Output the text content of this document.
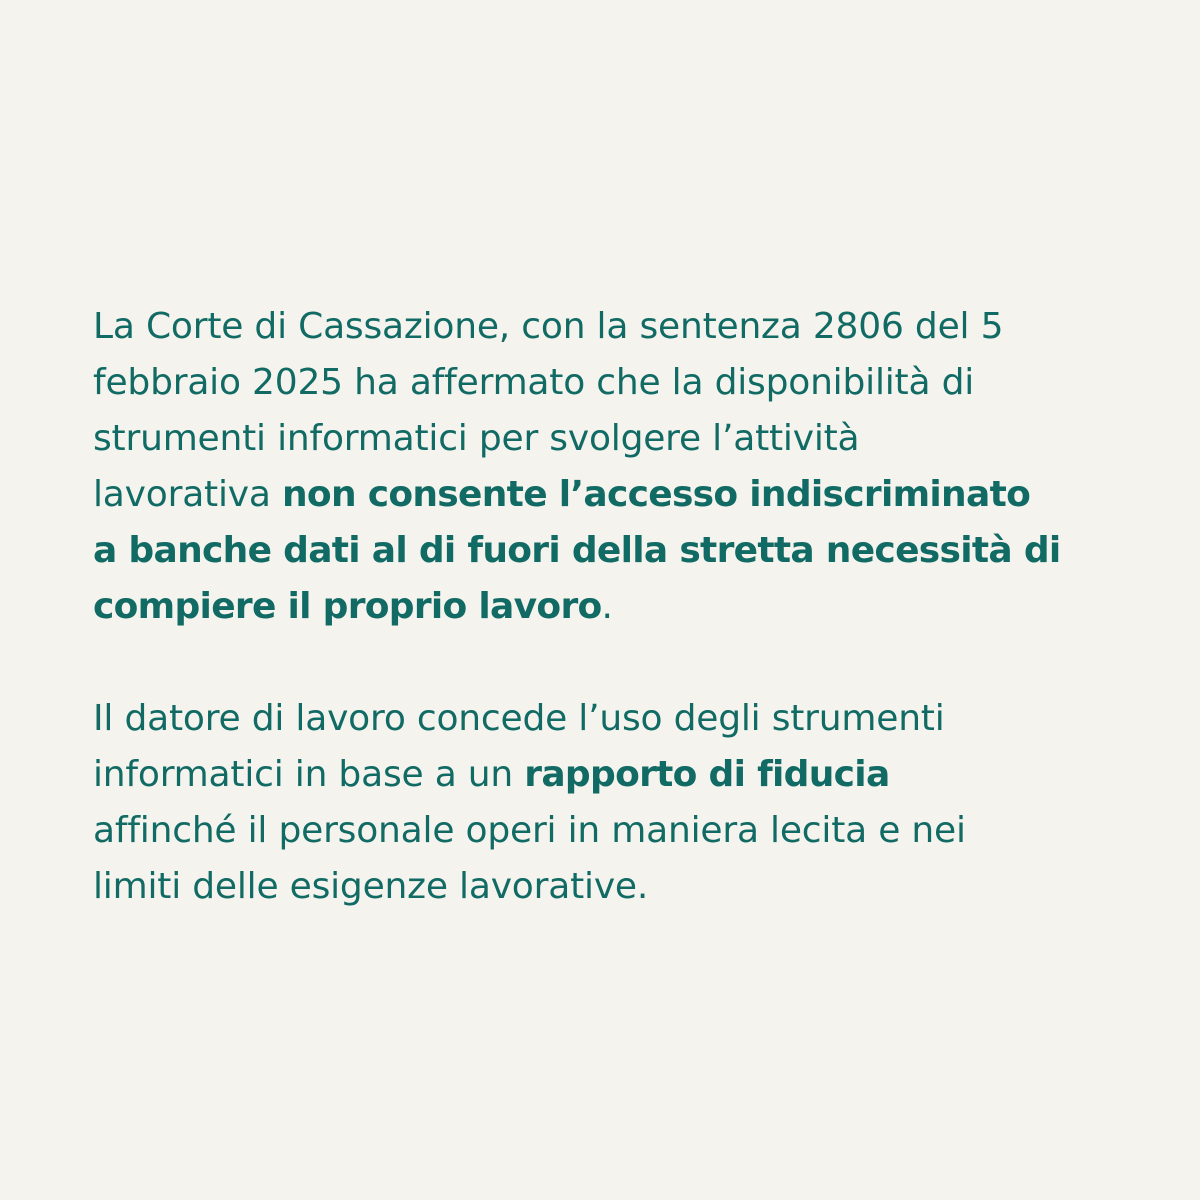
La Corte di Cassazione, con la sentenza 2806 del 5
febbraio 2025 ha affermato che la disponibilità di
strumenti informatici per svolgere l’attività
lavorativa non consente l’accesso indiscriminato
a banche dati al di fuori della stretta necessità di
compiere il proprio lavoro.

Il datore di lavoro concede l’uso degli strumenti
informatici in base a un rapporto di fiducia
affinché il personale operi in maniera lecita e nei
limiti delle esigenze lavorative.
